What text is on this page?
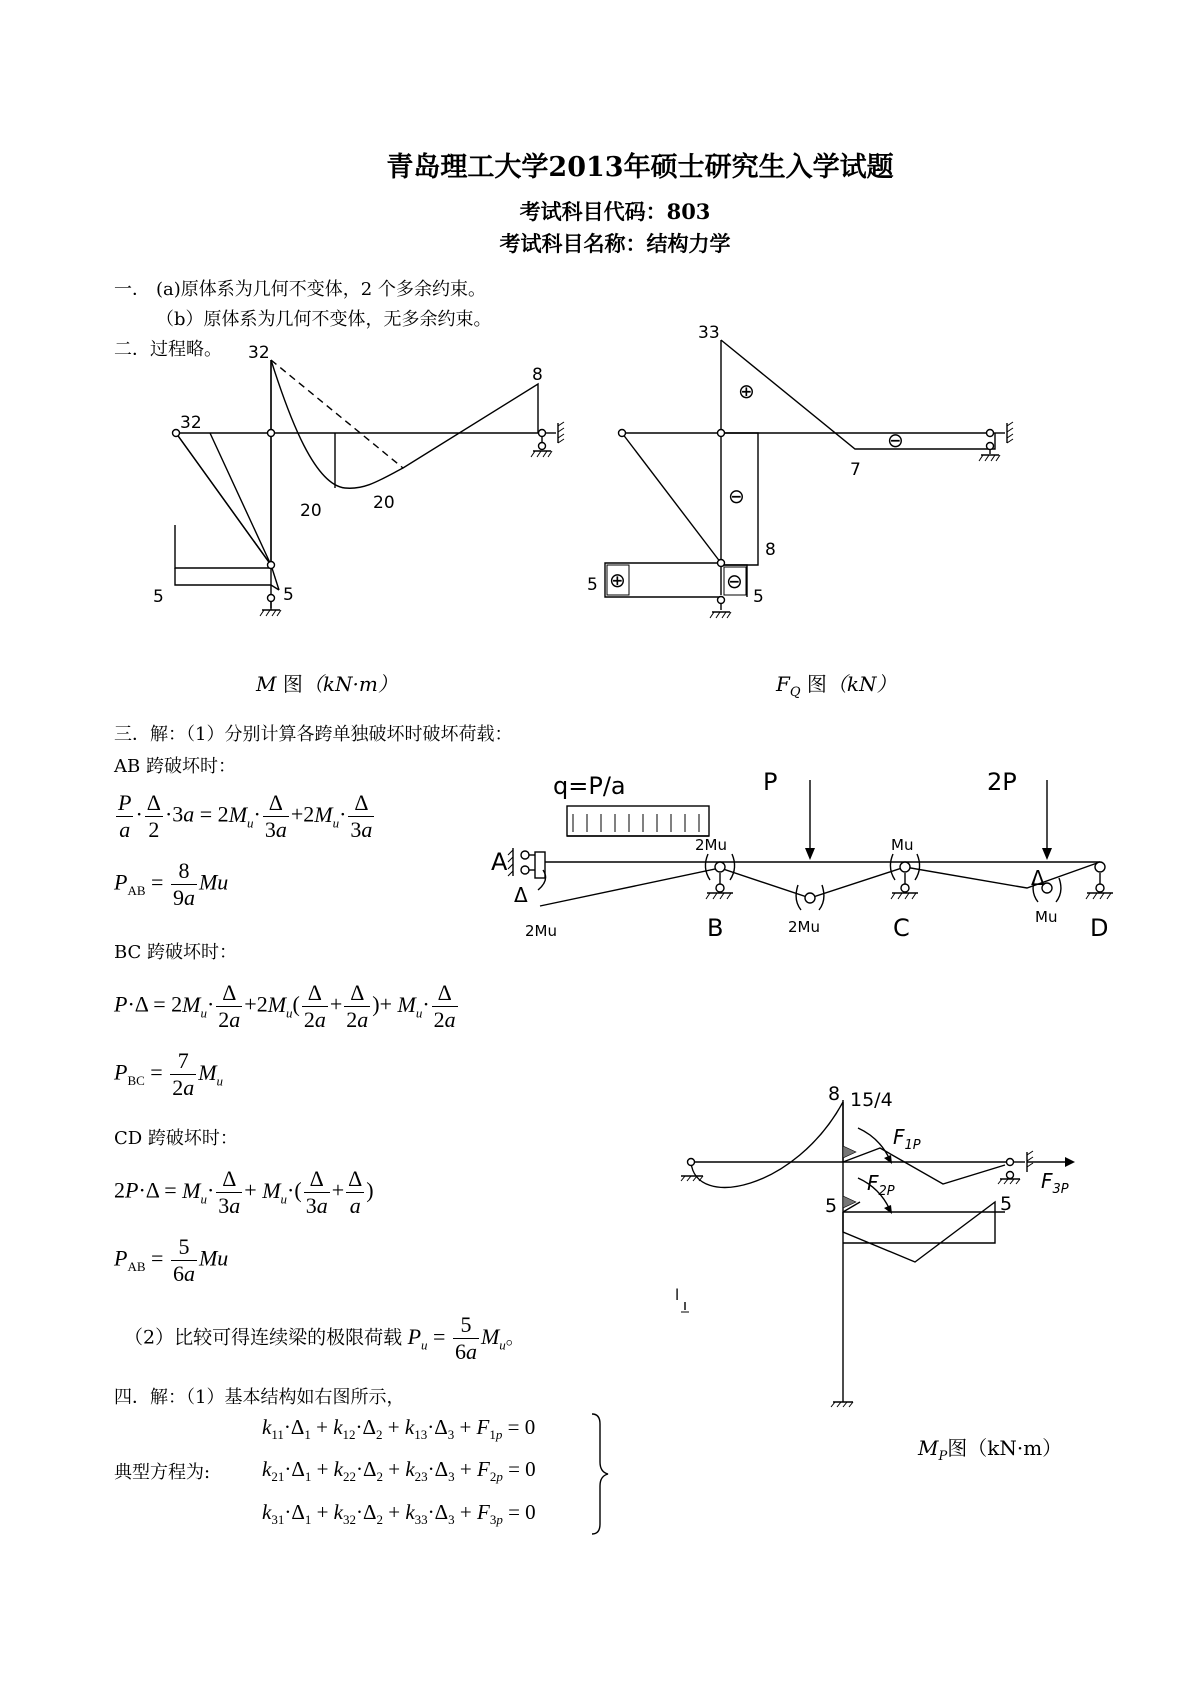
青岛理工大学2013年硕士研究生入学试题
考试科目代码：803
考试科目名称：结构力学
一． (a)原体系为几何不变体，2 个多余约束。
（b）原体系为几何不变体，无多余约束。
二．过程略。 32
32
20	20
8
5	5
M 图（kN·m）
33
7
8
5
5
⊕
⊖
⊖
⊕	⊖
$F_Q$ 图（kN）
三．解：（1）分别计算各跨单独破坏时破坏荷载：
AB 跨破坏时：
$\frac{P}{a} \cdot \frac{\Delta}{2} \cdot 3a = 2M_u\cdot \frac{\Delta}{3a} +2M_u\cdot \frac{\Delta}{3a}$
$P_{AB} = \frac{8}{9a}$ Mu
BC 跨破坏时：
$P\cdot\Delta = 2M_u\cdot \frac{\Delta}{2a} +2M_u( \frac{\Delta}{2a} + \frac{\Delta}{2a}$ )+ $M_u\cdot \frac{\Delta}{2a}$
$P_{BC} = \frac{7}{2a} M_u$
CD 跨破坏时：
$2P\cdot\Delta = M_u\cdot \frac{\Delta}{3a} + M_u\cdot( \frac{\Delta}{3a} + \frac{\Delta}{a}$ )
$P_{AB} = \frac{5}{6a}$ Mu
（2）比较可得连续梁的极限荷载 $P_u = \frac{5}{6a} M_u$。
q=P/a	P	2P
A
B	C	D
2Mu	Mu
2Mu
2Mu
Mu
Δ
Δ
8 15/4
5	5
l
$F_{1P}$
$F_{2P}$	$F_{3P}$
$M_P$图（kN·m）
四．解：（1）基本结构如右图所示，
典型方程为:
$k_{11}\cdot\Delta_1 + k_{12}\cdot\Delta_2 + k_{13}\cdot\Delta_3 + F_{1p} = 0$
$k_{21}\cdot\Delta_1 + k_{22}\cdot\Delta_2 + k_{23}\cdot\Delta_3 + F_{2p} = 0$
$k_{31}\cdot\Delta_1 + k_{32}\cdot\Delta_2 + k_{33}\cdot\Delta_3 + F_{3p} = 0$
